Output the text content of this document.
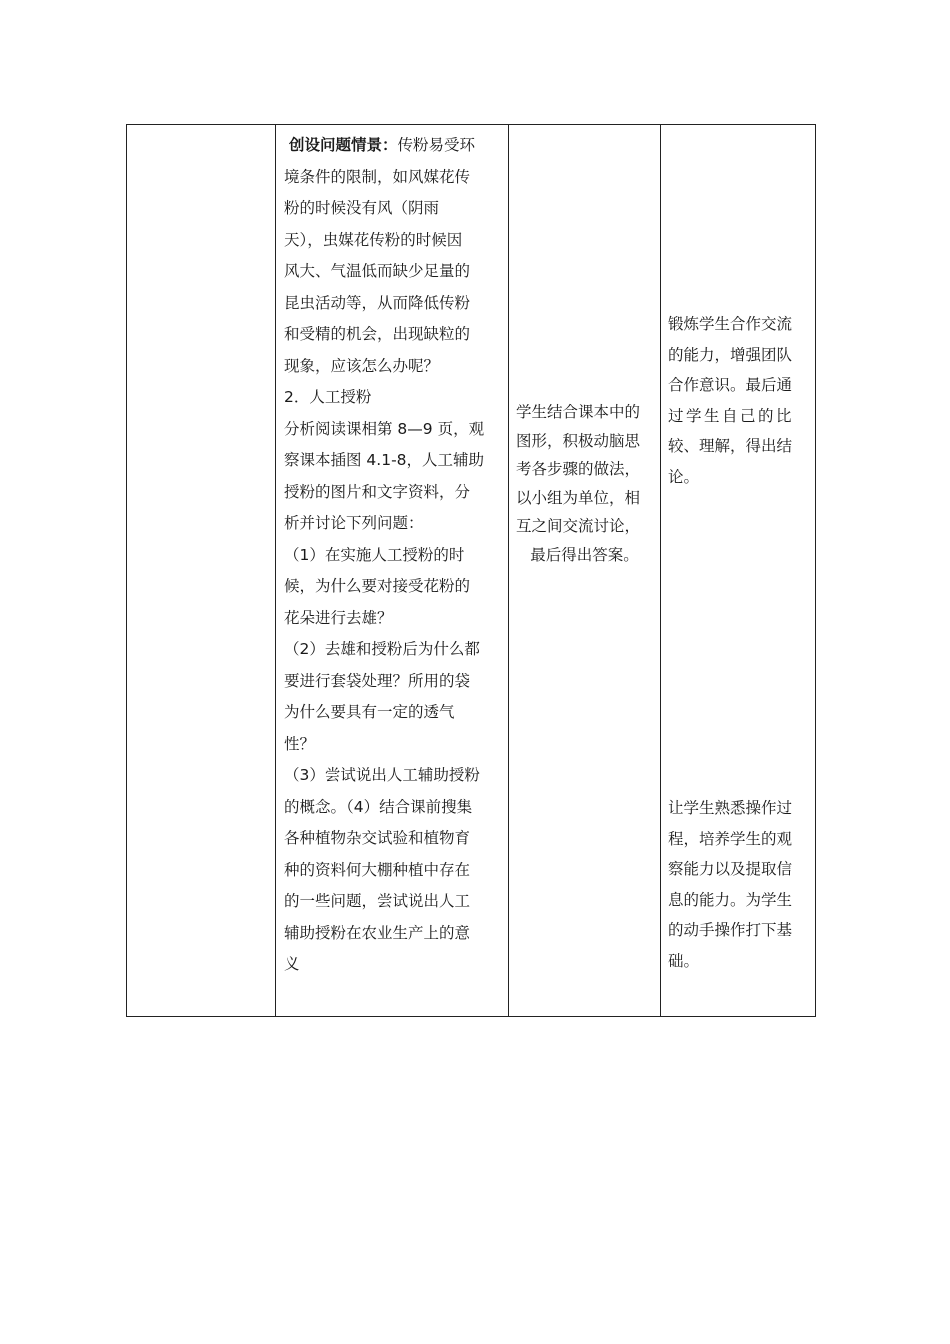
创设问题情景：传粉易受环

境条件的限制，如风媒花传

粉的时候没有风（阴雨

天），虫媒花传粉的时候因

风大、气温低而缺少足量的

昆虫活动等，从而降低传粉

和受精的机会，出现缺粒的

现象，应该怎么办呢？

2．人工授粉

分析阅读课相第 8—9 页，观

察课本插图 4.1-8，人工辅助

授粉的图片和文字资料，分

析并讨论下列问题：

（1）在实施人工授粉的时

候，为什么要对接受花粉的

花朵进行去雄？

（2）去雄和授粉后为什么都

要进行套袋处理？所用的袋

为什么要具有一定的透气

性？

（3）尝试说出人工辅助授粉

的概念。（4）结合课前搜集

各种植物杂交试验和植物育

种的资料何大棚种植中存在

的一些问题，尝试说出人工

辅助授粉在农业生产上的意

义

学生结合课本中的

图形，积极动脑思

考各步骤的做法，

以小组为单位，相

互之间交流讨论，

最后得出答案。

锻炼学生合作交流

的能力，增强团队

合作意识。最后通

过学生自己的比

较、理解，得出结

论。

让学生熟悉操作过

程，培养学生的观

察能力以及提取信

息的能力。为学生

的动手操作打下基

础。
